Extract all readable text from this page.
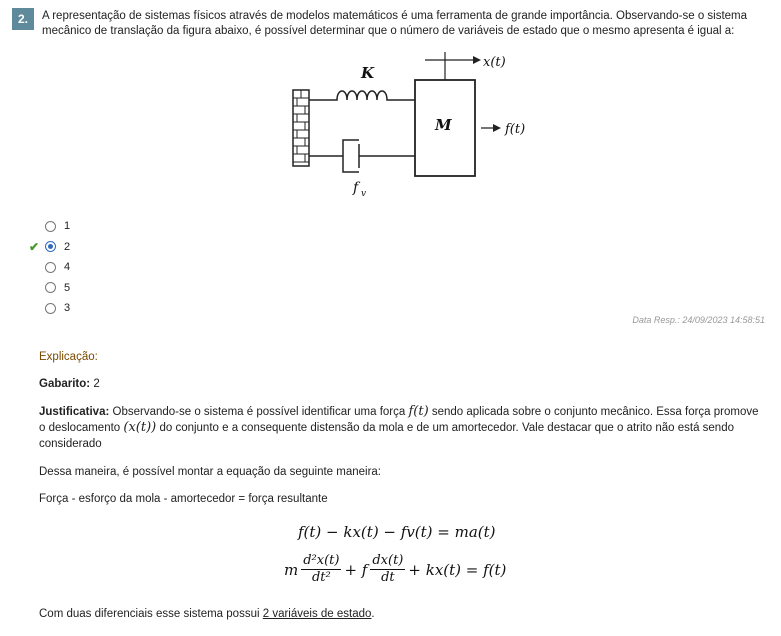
2.	A representação de sistemas físicos através de modelos matemáticos é uma ferramenta de grande importância. Observando-se o sistema mecânico de translação da figura abaixo, é possível determinar que o número de variáveis de estado que o mesmo apresenta é igual a:
K
M
x(t)
f(t)
f v
1
✔ 2
4
5
3
Data Resp.: 24/09/2023 14:58:51
Explicação:
Gabarito: 2
Justificativa: Observando-se o sistema é possível identificar uma força f(t) sendo aplicada sobre o conjunto mecânico. Essa força promove o deslocamento (x(t)) do conjunto e a consequente distensão da mola e de um amortecedor. Vale destacar que o atrito não está sendo considerado
Dessa maneira, é possível montar a equação da seguinte maneira:
Força - esforço da mola - amortecedor = força resultante
f(t) − kx(t) − fv(t) = ma(t)
m $\frac{\text{d²x(t)}}{\text{dt²}} + f \frac{dx(t)}{dt} + kx(t) = f(t)$
Com duas diferenciais esse sistema possui 2 variáveis de estado.
